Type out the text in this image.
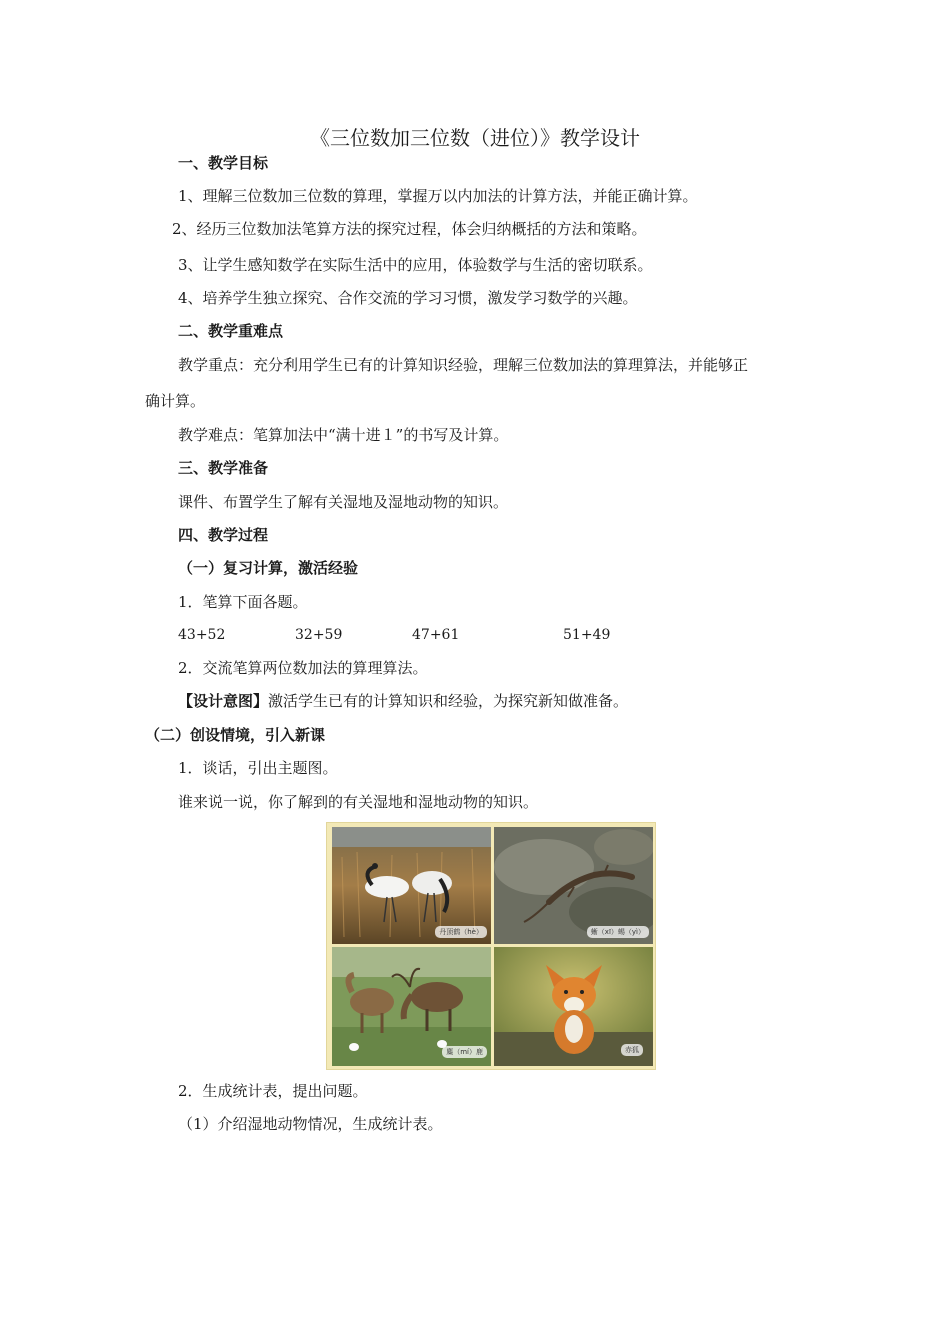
《三位数加三位数（进位）》教学设计
一、教学目标
1、理解三位数加三位数的算理，掌握万以内加法的计算方法，并能正确计算。
2、经历三位数加法笔算方法的探究过程，体会归纳概括的方法和策略。
3、让学生感知数学在实际生活中的应用，体验数学与生活的密切联系。
4、培养学生独立探究、合作交流的学习习惯，激发学习数学的兴趣。
二、教学重难点
教学重点：充分利用学生已有的计算知识经验，理解三位数加法的算理算法，并能够正
确计算。
教学难点：笔算加法中“满十进１”的书写及计算。
三、教学准备
课件、布置学生了解有关湿地及湿地动物的知识。
四、教学过程
（一）复习计算，激活经验
1．笔算下面各题。
43+52	32+59	47+61	51+49
2．交流笔算两位数加法的算理算法。
【设计意图】激活学生已有的计算知识和经验，为探究新知做准备。
（二）创设情境，引入新课
1．谈话，引出主题图。
谁来说一说，你了解到的有关湿地和湿地动物的知识。
丹顶鹤（hè）	蜥（xī）蜴（yì）
麋（mí）鹿	赤狐
2．生成统计表，提出问题。
（1）介绍湿地动物情况，生成统计表。
